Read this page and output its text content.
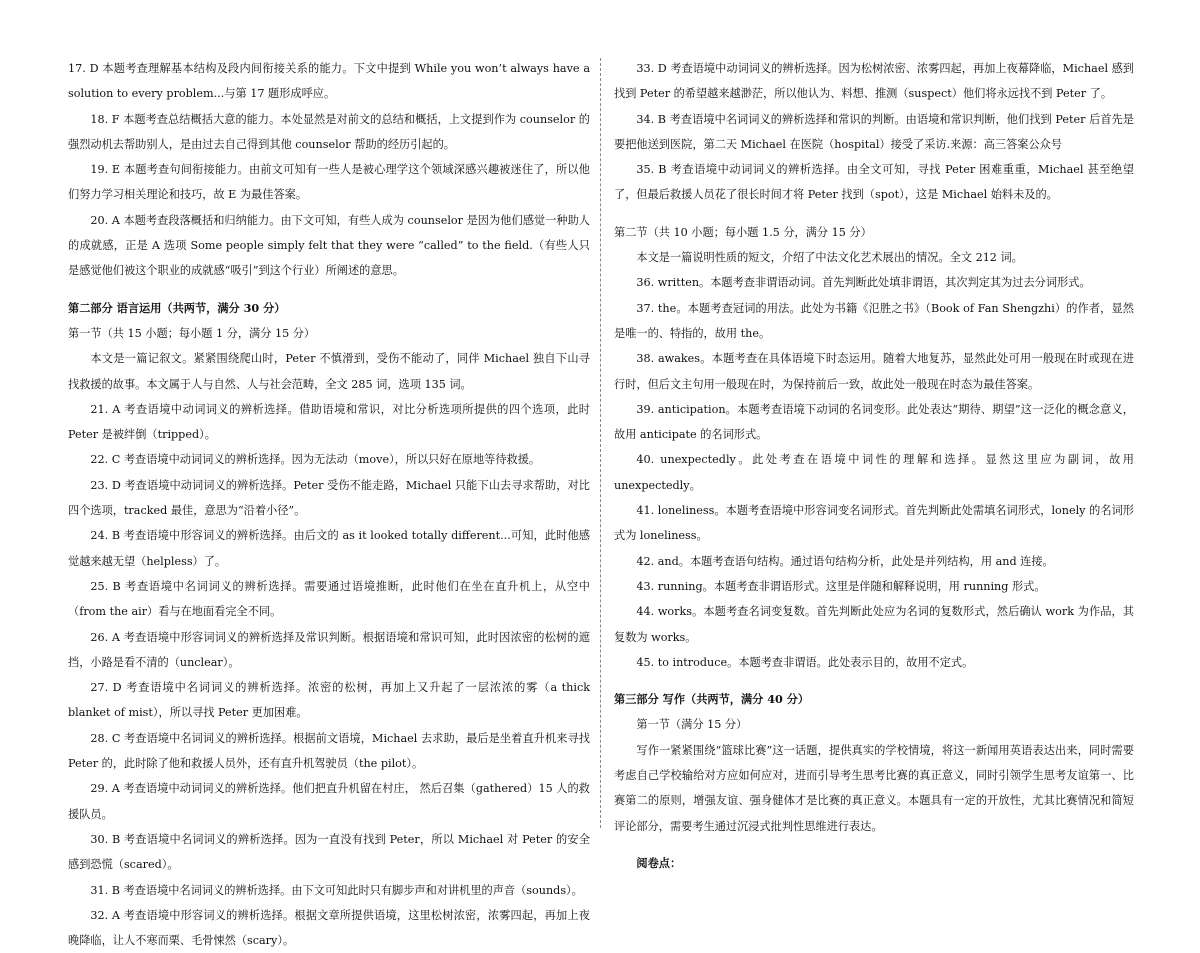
17. D 本题考查理解基本结构及段内间衔接关系的能力。下文中提到 While you won’t always have a solution to every problem...与第 17 题形成呼应。

18. F 本题考查总结概括大意的能力。本处显然是对前文的总结和概括，上文提到作为 counselor 的强烈动机去帮助别人，是由过去自己得到其他 counselor 帮助的经历引起的。

19. E 本题考查句间衔接能力。由前文可知有一些人是被心理学这个领域深感兴趣被迷住了，所以他们努力学习相关理论和技巧，故 E 为最佳答案。

20. A 本题考查段落概括和归纳能力。由下文可知，有些人成为 counselor 是因为他们感觉一种助人的成就感，正是 A 选项 Some people simply felt that they were “called” to the field.（有些人只是感觉他们被这个职业的成就感“吸引”到这个行业）所阐述的意思。

第二部分 语言运用（共两节，满分 30 分）

第一节（共 15 小题；每小题 1 分，满分 15 分）

本文是一篇记叙文。紧紧围绕爬山时，Peter 不慎滑到，受伤不能动了，同伴 Michael 独自下山寻找救援的故事。本文属于人与自然、人与社会范畴，全文 285 词，选项 135 词。

21. A 考查语境中动词词义的辨析选择。借助语境和常识，对比分析选项所提供的四个选项，此时 Peter 是被绊倒（tripped）。

22. C 考查语境中动词词义的辨析选择。因为无法动（move），所以只好在原地等待救援。

23. D 考查语境中动词词义的辨析选择。Peter 受伤不能走路，Michael 只能下山去寻求帮助，对比四个选项，tracked 最佳，意思为“沿着小径”。

24. B 考查语境中形容词义的辨析选择。由后文的 as it looked totally different...可知，此时他感觉越来越无望（helpless）了。

25. B 考查语境中名词词义的辨析选择。需要通过语境推断，此时他们在坐在直升机上，从空中（from the air）看与在地面看完全不同。

26. A 考查语境中形容词词义的辨析选择及常识判断。根据语境和常识可知，此时因浓密的松树的遮挡，小路是看不清的（unclear）。

27. D 考查语境中名词词义的辨析选择。浓密的松树，再加上又升起了一层浓浓的雾（a thick blanket of mist），所以寻找 Peter 更加困难。

28. C 考查语境中名词词义的辨析选择。根据前文语境，Michael 去求助，最后是坐着直升机来寻找 Peter 的，此时除了他和救援人员外，还有直升机驾驶员（the pilot）。

29. A 考查语境中动词词义的辨析选择。他们把直升机留在村庄， 然后召集（gathered）15 人的救援队员。

30. B 考查语境中名词词义的辨析选择。因为一直没有找到 Peter，所以 Michael 对 Peter 的安全感到恐慌（scared）。

31. B 考查语境中名词词义的辨析选择。由下文可知此时只有脚步声和对讲机里的声音（sounds）。

32. A 考查语境中形容词义的辨析选择。根据文章所提供语境，这里松树浓密，浓雾四起，再加上夜晚降临，让人不寒而栗、毛骨悚然（scary）。

33. D 考查语境中动词词义的辨析选择。因为松树浓密、浓雾四起，再加上夜幕降临，Michael 感到找到 Peter 的希望越来越渺茫，所以他认为、料想、推测（suspect）他们将永远找不到 Peter 了。

34. B 考查语境中名词词义的辨析选择和常识的判断。由语境和常识判断，他们找到 Peter 后首先是要把他送到医院，第二天 Michael 在医院（hospital）接受了采访.来源：高三答案公众号

35. B 考查语境中动词词义的辨析选择。由全文可知，寻找 Peter 困难重重，Michael 甚至绝望了，但最后救援人员花了很长时间才将 Peter 找到（spot），这是 Michael 始料未及的。

第二节（共 10 小题；每小题 1.5 分，满分 15 分）

本文是一篇说明性质的短文，介绍了中法文化艺术展出的情况。全文 212 词。

36. written。本题考查非谓语动词。首先判断此处填非谓语，其次判定其为过去分词形式。

37. the。本题考查冠词的用法。此处为书籍《氾胜之书》（Book of Fan Shengzhi）的作者，显然是唯一的、特指的，故用 the。

38. awakes。本题考查在具体语境下时态运用。随着大地复苏，显然此处可用一般现在时或现在进行时，但后文主句用一般现在时，为保持前后一致，故此处一般现在时态为最佳答案。

39. anticipation。本题考查语境下动词的名词变形。此处表达“期待、期望”这一泛化的概念意义，故用 anticipate 的名词形式。

40. unexpectedly。此处考查在语境中词性的理解和选择。显然这里应为副词，故用 unexpectedly。

41. loneliness。本题考查语境中形容词变名词形式。首先判断此处需填名词形式，lonely 的名词形式为 loneliness。

42. and。本题考查语句结构。通过语句结构分析，此处是并列结构，用 and 连接。

43. running。本题考查非谓语形式。这里是伴随和解释说明，用 running 形式。

44. works。本题考查名词变复数。首先判断此处应为名词的复数形式，然后确认 work 为作品，其复数为 works。

45. to introduce。本题考查非谓语。此处表示目的，故用不定式。

第三部分 写作（共两节，满分 40 分）

第一节（满分 15 分）

写作一紧紧围绕“篮球比赛”这一话题，提供真实的学校情境，将这一新闻用英语表达出来，同时需要考虑自己学校输给对方应如何应对，进而引导考生思考比赛的真正意义，同时引领学生思考友谊第一、比赛第二的原则，增强友谊、强身健体才是比赛的真正意义。本题具有一定的开放性，尤其比赛情况和简短评论部分，需要考生通过沉浸式批判性思维进行表达。

阅卷点：
